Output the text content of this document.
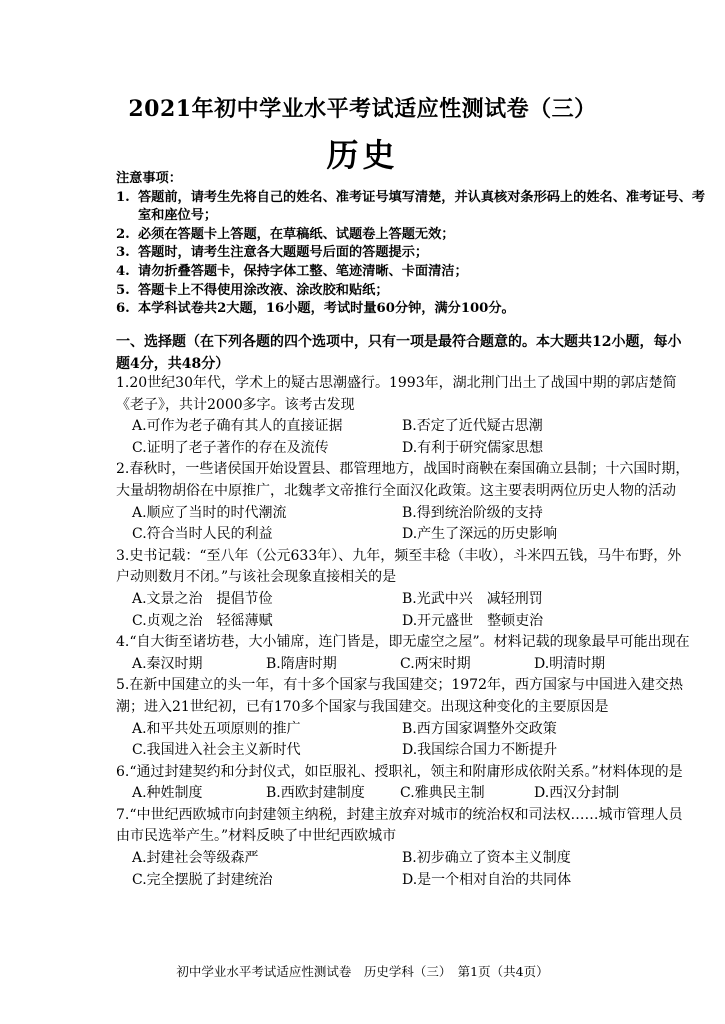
2021年初中学业水平考试适应性测试卷（三）
历史
注意事项：
1. 答题前，请考生先将自己的姓名、准考证号填写清楚，并认真核对条形码上的姓名、准考证号、考室和座位号；
2. 必须在答题卡上答题，在草稿纸、试题卷上答题无效；
3. 答题时，请考生注意各大题题号后面的答题提示；
4. 请勿折叠答题卡，保持字体工整、笔迹清晰、卡面清洁；
5. 答题卡上不得使用涂改液、涂改胶和贴纸；
6. 本学科试卷共2大题，16小题，考试时量60分钟，满分100分。
一、选择题（在下列各题的四个选项中，只有一项是最符合题意的。本大题共12小题，每小题4分，共48分）
1.20世纪30年代，学术上的疑古思潮盛行。1993年，湖北荆门出土了战国中期的郭店楚简《老子》，共计2000多字。该考古发现
A.可作为老子确有其人的直接证据	B.否定了近代疑古思潮
C.证明了老子著作的存在及流传	D.有利于研究儒家思想
2.春秋时，一些诸侯国开始设置县、郡管理地方，战国时商鞅在秦国确立县制；十六国时期，大量胡物胡俗在中原推广，北魏孝文帝推行全面汉化政策。这主要表明两位历史人物的活动
A.顺应了当时的时代潮流	B.得到统治阶级的支持
C.符合当时人民的利益	D.产生了深远的历史影响
3.史书记载：“至八年（公元633年）、九年，频至丰稔（丰收），斗米四五钱，马牛布野，外户动则数月不闭。”与该社会现象直接相关的是
A.文景之治　提倡节俭	B.光武中兴　减轻刑罚
C.贞观之治　轻徭薄赋	D.开元盛世　整顿吏治
4.“自大街至诸坊巷，大小铺席，连门皆是，即无虚空之屋”。材料记载的现象最早可能出现在
A.秦汉时期	B.隋唐时期	C.两宋时期	D.明清时期
5.在新中国建立的头一年，有十多个国家与我国建交；1972年，西方国家与中国进入建交热潮；进入21世纪初，已有170多个国家与我国建交。出现这种变化的主要原因是
A.和平共处五项原则的推广	B.西方国家调整外交政策
C.我国进入社会主义新时代	D.我国综合国力不断提升
6.“通过封建契约和分封仪式，如臣服礼、授职礼，领主和附庸形成依附关系。”材料体现的是
A.种姓制度	B.西欧封建制度	C.雅典民主制	D.西汉分封制
7.“中世纪西欧城市向封建领主纳税，封建主放弃对城市的统治权和司法权……城市管理人员由市民选举产生。”材料反映了中世纪西欧城市
A.封建社会等级森严	B.初步确立了资本主义制度
C.完全摆脱了封建统治	D.是一个相对自治的共同体
初中学业水平考试适应性测试卷　历史学科（三）　第1页（共4页）
